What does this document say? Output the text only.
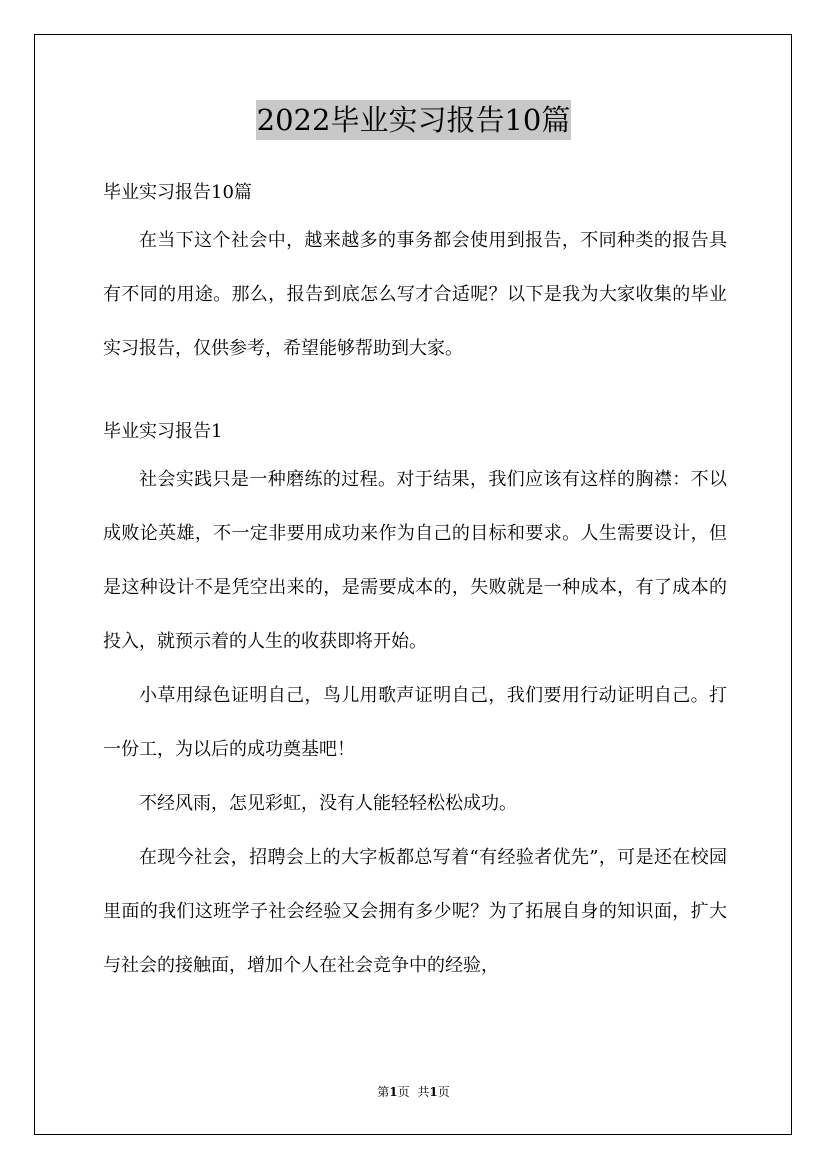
2022毕业实习报告10篇
毕业实习报告10篇

在当下这个社会中，越来越多的事务都会使用到报告，不同种类的报告具有不同的用途。那么，报告到底怎么写才合适呢？以下是我为大家收集的毕业实习报告，仅供参考，希望能够帮助到大家。

毕业实习报告1

社会实践只是一种磨练的过程。对于结果，我们应该有这样的胸襟：不以成败论英雄，不一定非要用成功来作为自己的目标和要求。人生需要设计，但是这种设计不是凭空出来的，是需要成本的，失败就是一种成本，有了成本的投入，就预示着的人生的收获即将开始。

小草用绿色证明自己，鸟儿用歌声证明自己，我们要用行动证明自己。打一份工，为以后的成功奠基吧！

不经风雨，怎见彩虹，没有人能轻轻松松成功。

在现今社会，招聘会上的大字板都总写着“有经验者优先”，可是还在校园里面的我们这班学子社会经验又会拥有多少呢？为了拓展自身的知识面，扩大与社会的接触面，增加个人在社会竞争中的经验，

第1页 共1页
